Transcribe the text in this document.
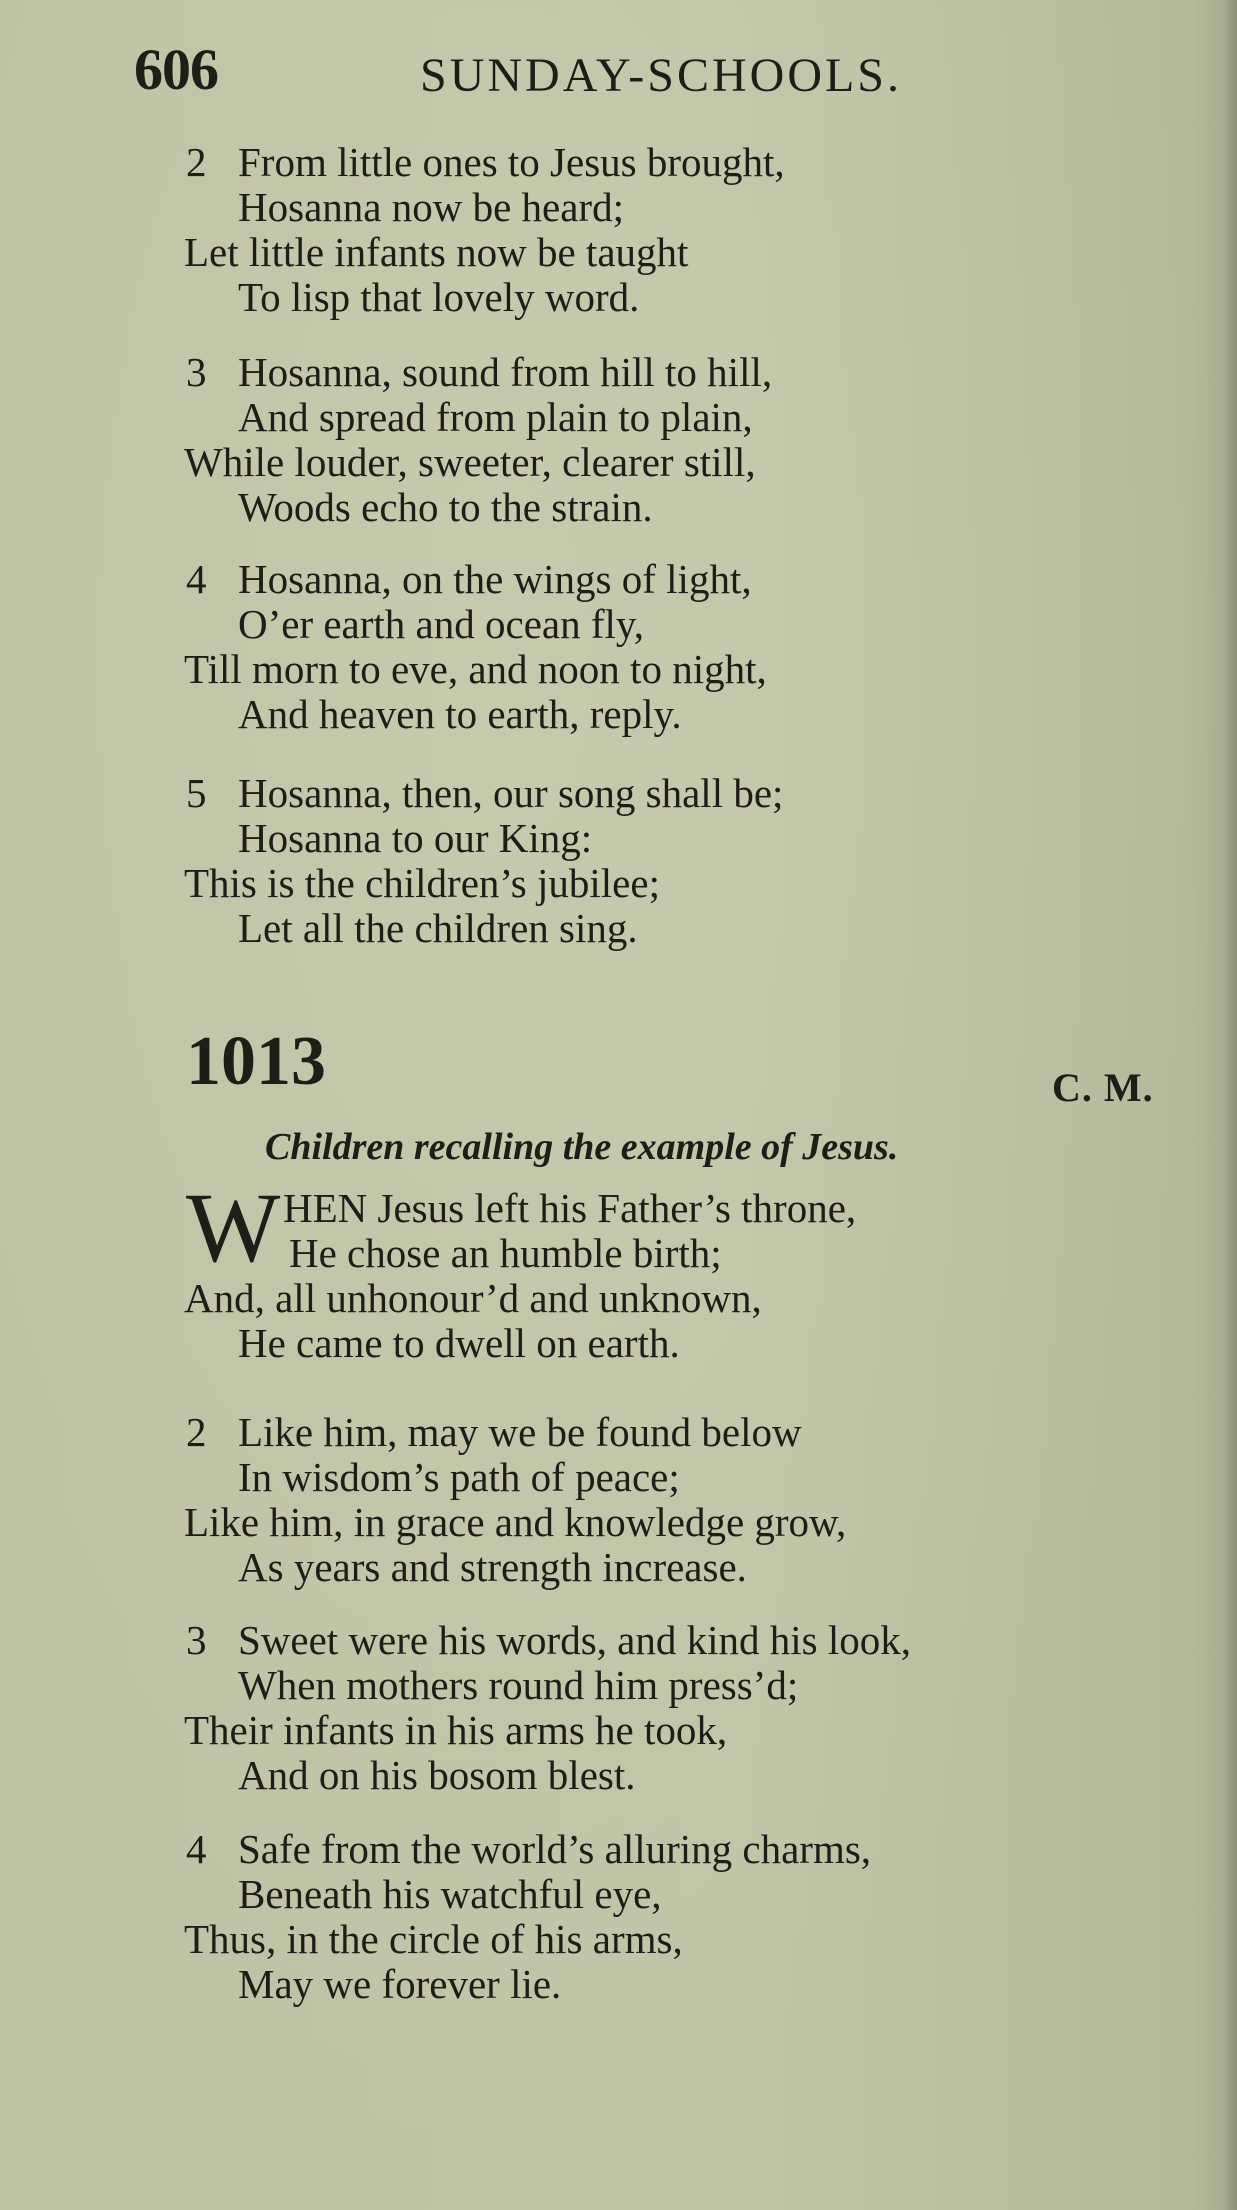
606	SUNDAY-SCHOOLS.
2 From little ones to Jesus brought,
Hosanna now be heard;
Let little infants now be taught
To lisp that lovely word.
3 Hosanna, sound from hill to hill,
And spread from plain to plain,
While louder, sweeter, clearer still,
Woods echo to the strain.
4 Hosanna, on the wings of light,
O’er earth and ocean fly,
Till morn to eve, and noon to night,
And heaven to earth, reply.
5 Hosanna, then, our song shall be;
Hosanna to our King:
This is the children’s jubilee;
Let all the children sing.
1013	C. M.
Children recalling the example of Jesus.
W HEN Jesus left his Father’s throne,
He chose an humble birth;
And, all unhonour’d and unknown,
He came to dwell on earth.
2 Like him, may we be found below
In wisdom’s path of peace;
Like him, in grace and knowledge grow,
As years and strength increase.
3 Sweet were his words, and kind his look,
When mothers round him press’d;
Their infants in his arms he took,
And on his bosom blest.
4 Safe from the world’s alluring charms,
Beneath his watchful eye,
Thus, in the circle of his arms,
May we forever lie.
